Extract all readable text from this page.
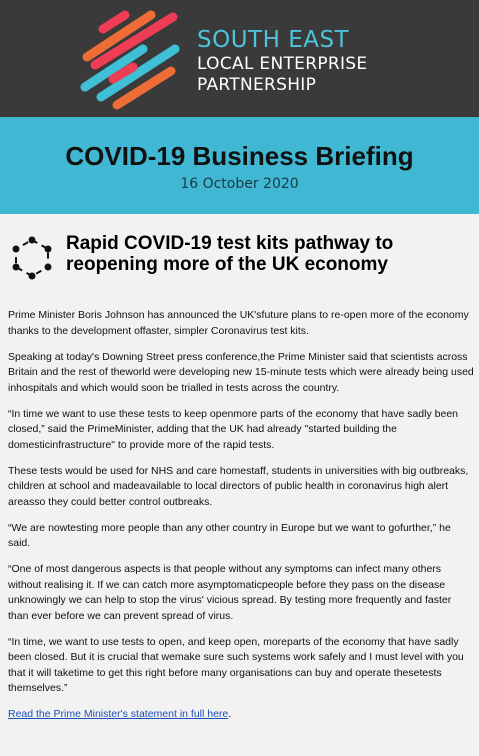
SOUTH EAST
LOCAL ENTERPRISE
PARTNERSHIP
COVID-19 Business Briefing
16 October 2020
Rapid COVID-19 test kits pathway to reopening more of the UK economy

Prime Minister Boris Johnson has announced the UK'sfuture plans to re-open more of the economy thanks to the development offaster, simpler Coronavirus test kits.

Speaking at today's Downing Street press conference,the Prime Minister said that scientists across Britain and the rest of theworld were developing new 15-minute tests which were already being used inhospitals and which would soon be trialled in tests across the country.

“In time we want to use these tests to keep openmore parts of the economy that have sadly been closed,” said the PrimeMinister, adding that the UK had already "started building the domesticinfrastructure" to provide more of the rapid tests.

These tests would be used for NHS and care homestaff, students in universities with big outbreaks, children at school and madeavailable to local directors of public health in coronavirus high alert areasso they could better control outbreaks.

“We are nowtesting more people than any other country in Europe but we want to gofurther,” he said.

“One of most dangerous aspects is that people without any symptoms can infect many others without realising it. If we can catch more asymptomaticpeople before they pass on the disease unknowingly we can help to stop the virus' vicious spread. By testing more frequently and faster than ever before we can prevent spread of virus.

“In time, we want to use tests to open, and keep open, moreparts of the economy that have sadly been closed. But it is crucial that wemake sure such systems work safely and I must level with you that it will taketime to get this right before many organisations can buy and operate thesetests themselves.”

Read the Prime Minister's statement in full here.
